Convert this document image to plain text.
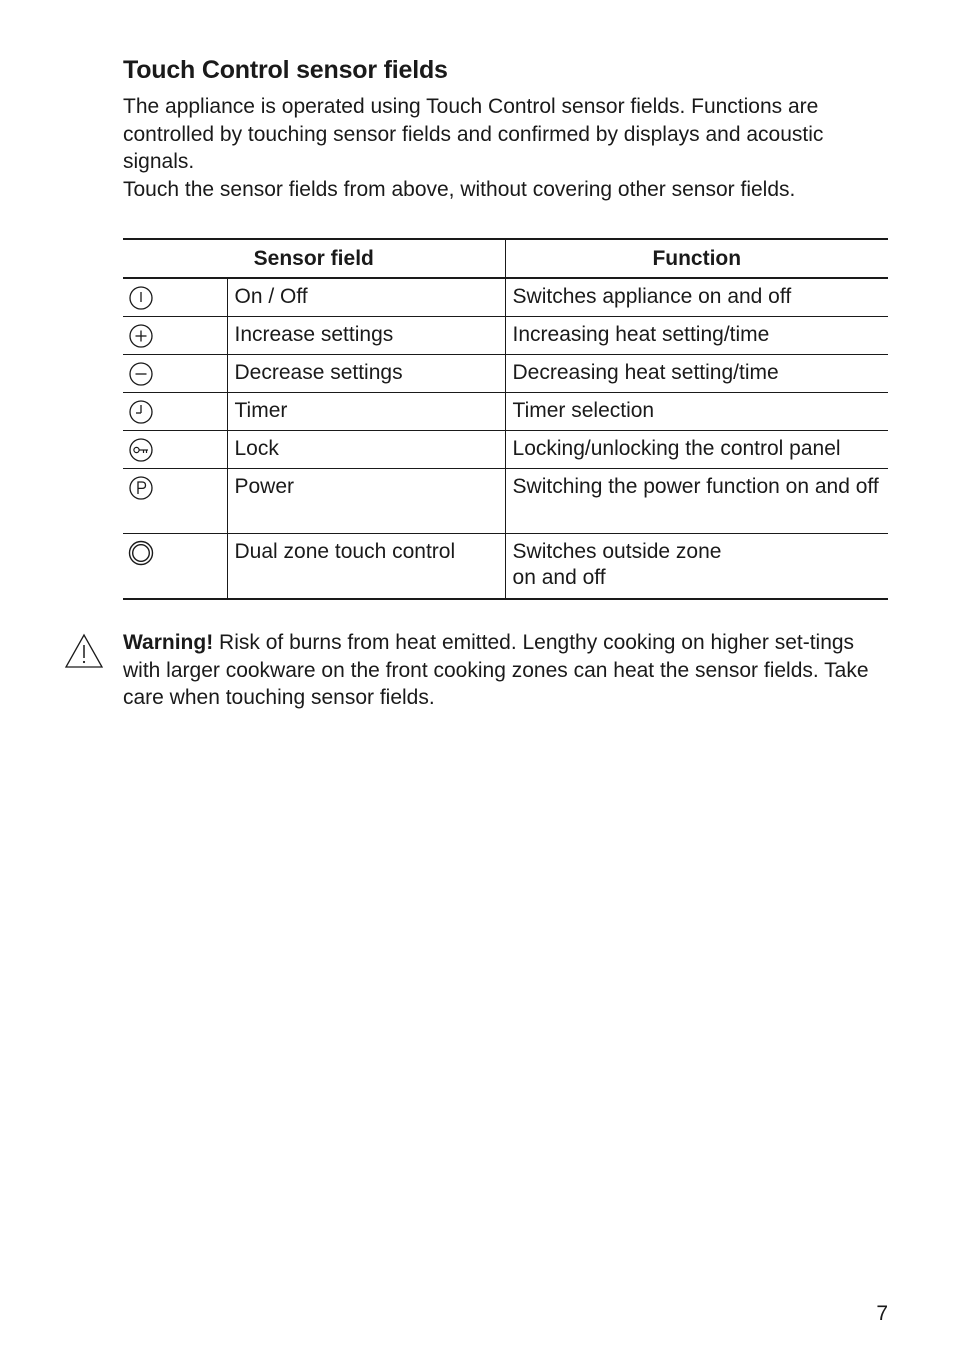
Touch Control sensor fields

The appliance is operated using Touch Control sensor fields. Functions are controlled by touching sensor fields and confirmed by displays and acoustic signals.

Touch the sensor fields from above, without covering other sensor fields.

Sensor field		Function

	On / Off	Switches appliance on and off

	Increase settings	Increasing heat setting/time

	Decrease settings	Decreasing heat setting/time

	Timer	Timer selection

	Lock	Locking/unlocking the control panel

	Power	Switching the power function on and off

	Dual zone touch control	Switches outside zone
on and off
Warning! Risk of burns from heat emitted. Lengthy cooking on higher set-tings with larger cookware on the front cooking zones can heat the sensor fields. Take care when touching sensor fields.
7
